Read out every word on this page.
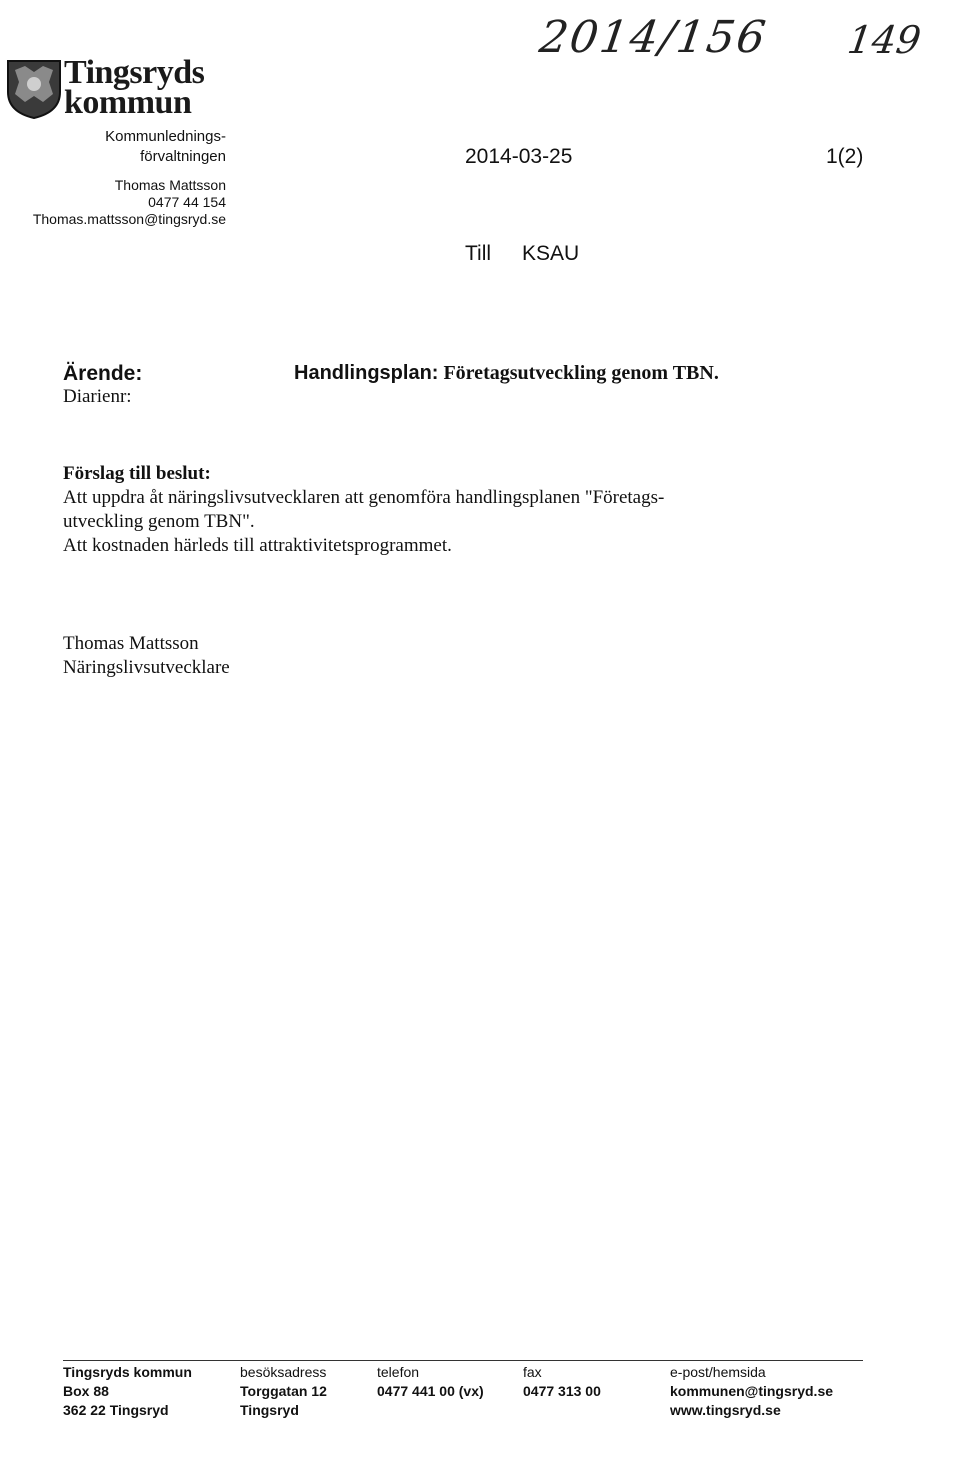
2014/156 149
Tingsryds
kommun
Kommunlednings-
förvaltningen
Thomas Mattsson
0477 44 154
Thomas.mattsson@tingsryd.se
2014-03-25	1(2)
Till KSAU
Ärende:
Diarienr:
Handlingsplan: Företagsutveckling genom TBN.
Förslag till beslut:
Att uppdra åt näringslivsutvecklaren att genomföra handlingsplanen "Företags-
utveckling genom TBN".
Att kostnaden härleds till attraktivitetsprogrammet.
Thomas Mattsson
Näringslivsutvecklare
Tingsryds kommun
Box 88
362 22 Tingsryd
besöksadress
Torggatan 12
Tingsryd
telefon
0477 441 00 (vx)
fax
0477 313 00
e-post/hemsida
kommunen@tingsryd.se
www.tingsryd.se
